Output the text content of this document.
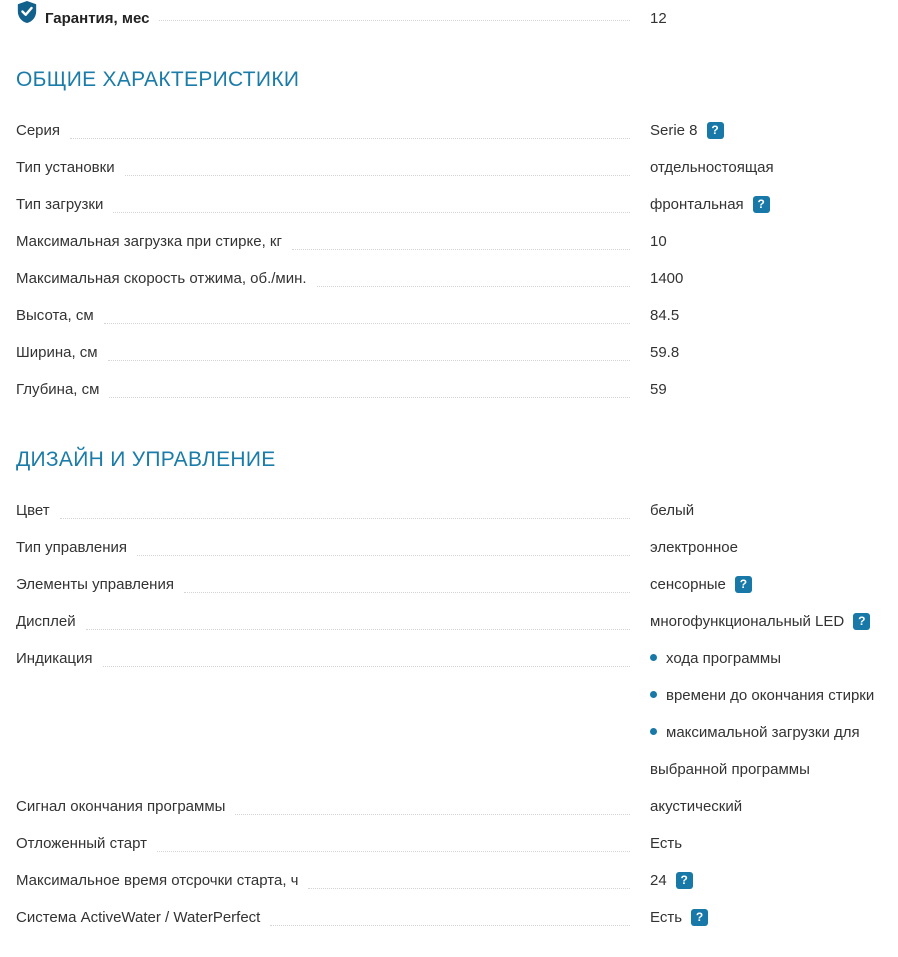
Гарантия, мес	12
ОБЩИЕ ХАРАКТЕРИСТИКИ
Серия	Serie 8	?
Тип установки	отдельностоящая
Тип загрузки	фронтальная	?
Максимальная загрузка при стирке, кг	10
Максимальная скорость отжима, об./мин.	1400
Высота, см	84.5
Ширина, см	59.8
Глубина, см	59
ДИЗАЙН И УПРАВЛЕНИЕ
Цвет	белый
Тип управления	электронное
Элементы управления	сенсорные	?
Дисплей	многофункциональный LED	?
Индикация	хода программы
времени до окончания стирки
максимальной загрузки для выбранной программы
Сигнал окончания программы	акустический
Отложенный старт	Есть
Максимальное время отсрочки старта, ч	24	?
Система ActiveWater / WaterPerfect	Есть	?
